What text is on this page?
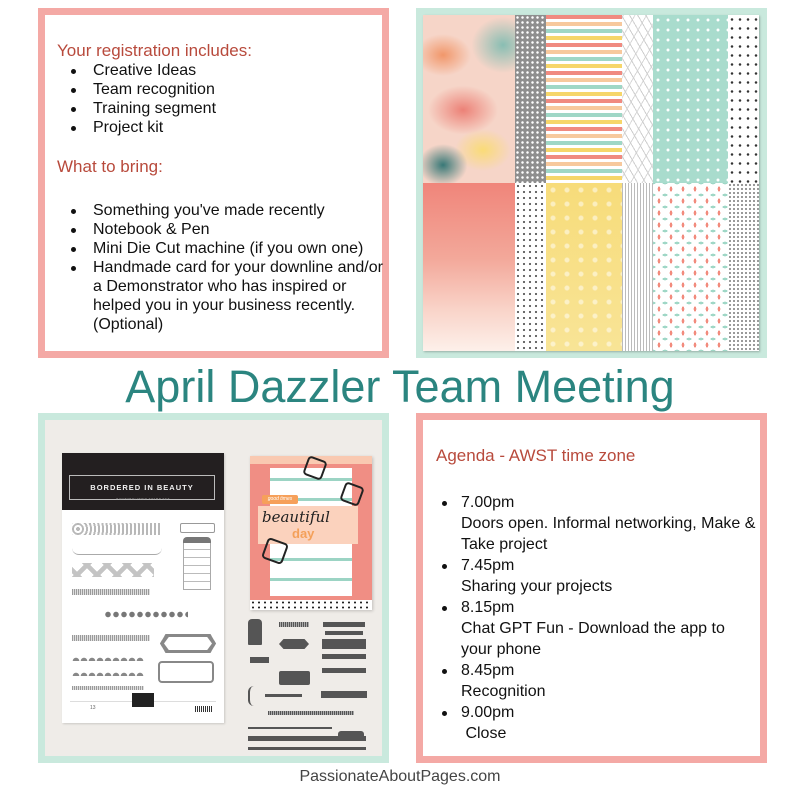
Your registration includes:

Creative Ideas
Team recognition
Training segment
Project kit

What to bring:

Something you've made recently
Notebook & Pen
Mini Die Cut machine (if you own one)
Handmade card for your downline and/or a Demonstrator who has inspired or helped you in your business recently. (Optional)
April Dazzler Team Meeting
BORDERED IN BEAUTY
PHOTOPOLYMER STAMP SET
13
good times
beautiful
day

Agenda - AWST time zone

7.00pm
Doors open. Informal networking, Make & Take project
7.45pm
Sharing your projects
8.15pm
Chat GPT Fun - Download the app to your phone
8.45pm
Recognition
9.00pm
Close
PassionateAboutPages.com
